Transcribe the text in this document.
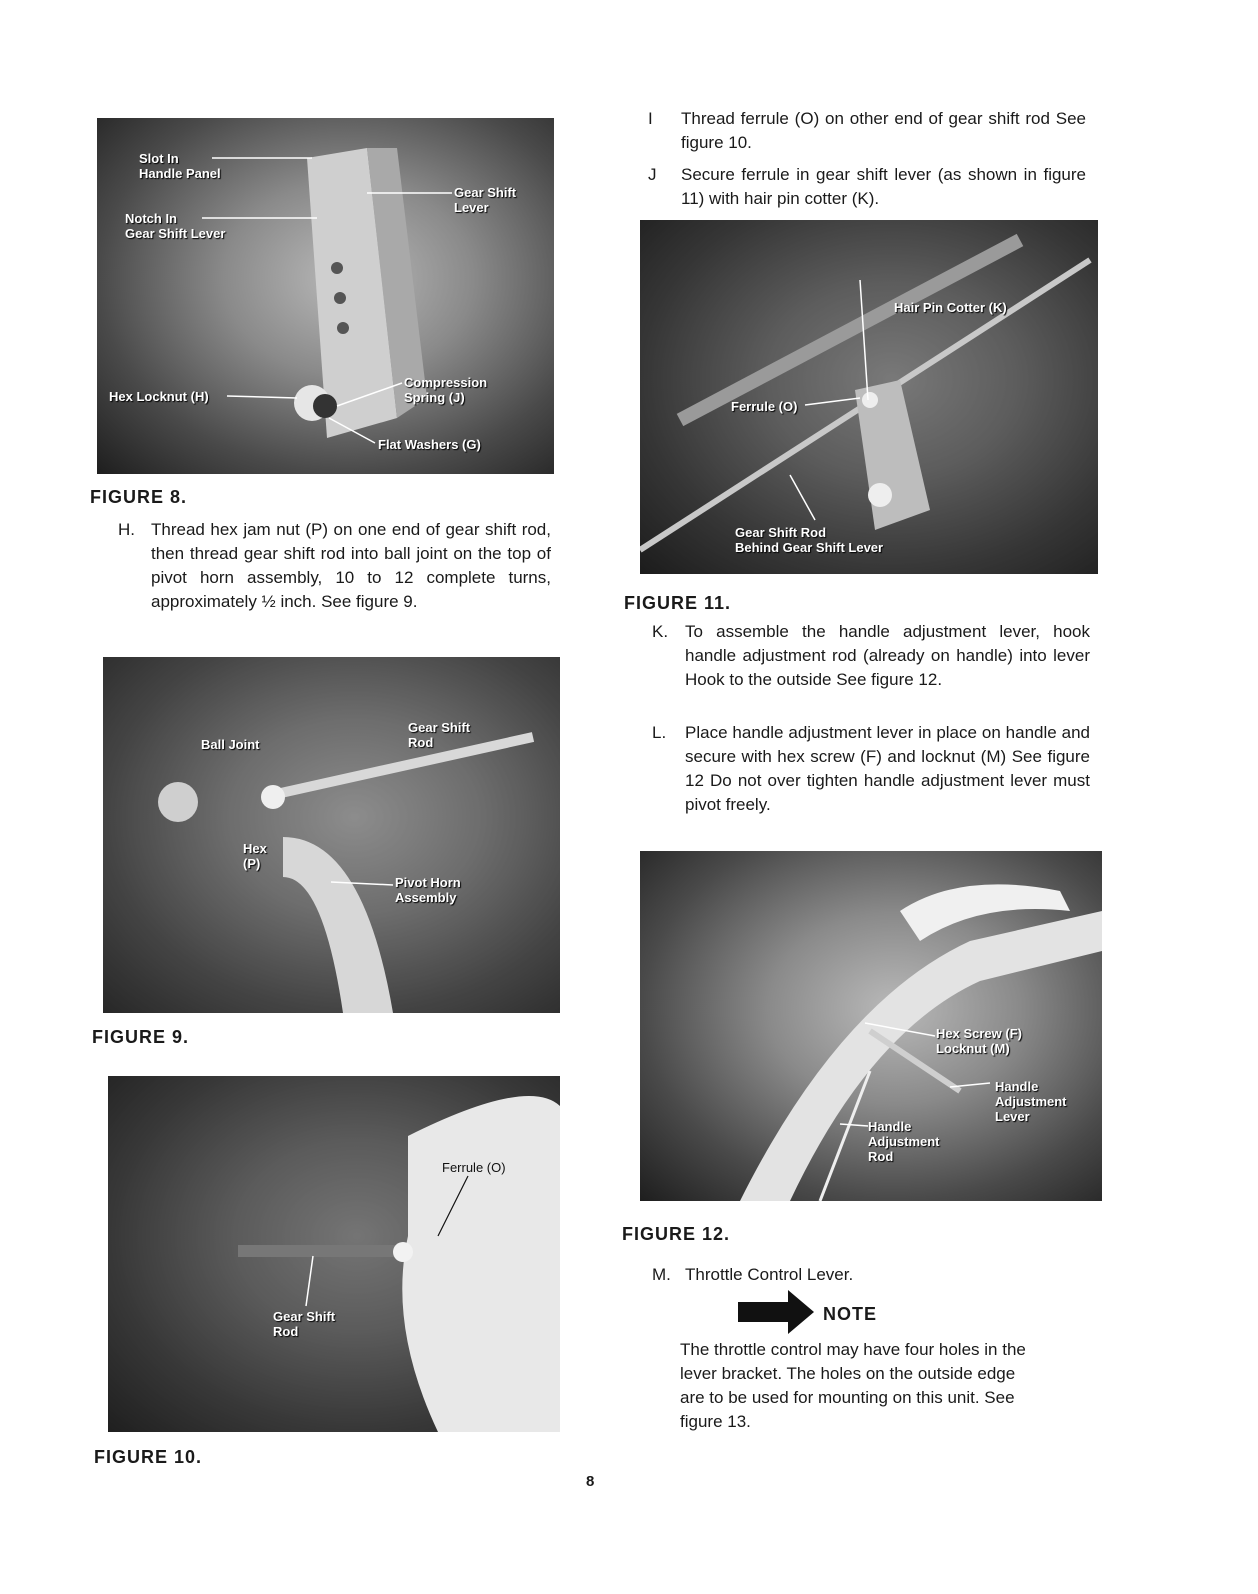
Slot In
Handle Panel
Notch In
Gear Shift Lever
Gear Shift
Lever
Hex Locknut (H)
Compression
Spring (J)
Flat Washers (G)
FIGURE 8.
H. Thread hex jam nut (P) on one end of gear shift rod, then thread gear shift rod into ball joint on the top of pivot horn assembly, 10 to 12 complete turns, approximately ½ inch. See figure 9.
Ball Joint
Gear Shift
Rod
Hex
(P)
Pivot Horn
Assembly
FIGURE 9.
Ferrule (O)
Gear Shift
Rod
FIGURE 10.
I Thread ferrule (O) on other end of gear shift rod See figure 10.
J Secure ferrule in gear shift lever (as shown in figure 11) with hair pin cotter (K).
Hair Pin Cotter (K)
Ferrule (O)
Gear Shift Rod
Behind Gear Shift Lever
FIGURE 11.
K. To assemble the handle adjustment lever, hook handle adjustment rod (already on handle) into lever Hook to the outside See figure 12.
L. Place handle adjustment lever in place on handle and secure with hex screw (F) and locknut (M) See figure 12 Do not over tighten handle adjustment lever must pivot freely.
Hex Screw (F)
Locknut (M)
Handle
Adjustment
Lever
Handle
Adjustment
Rod
FIGURE 12.
M. Throttle Control Lever.
NOTE
The throttle control may have four holes in the lever bracket. The holes on the outside edge are to be used for mounting on this unit. See figure 13.
8
